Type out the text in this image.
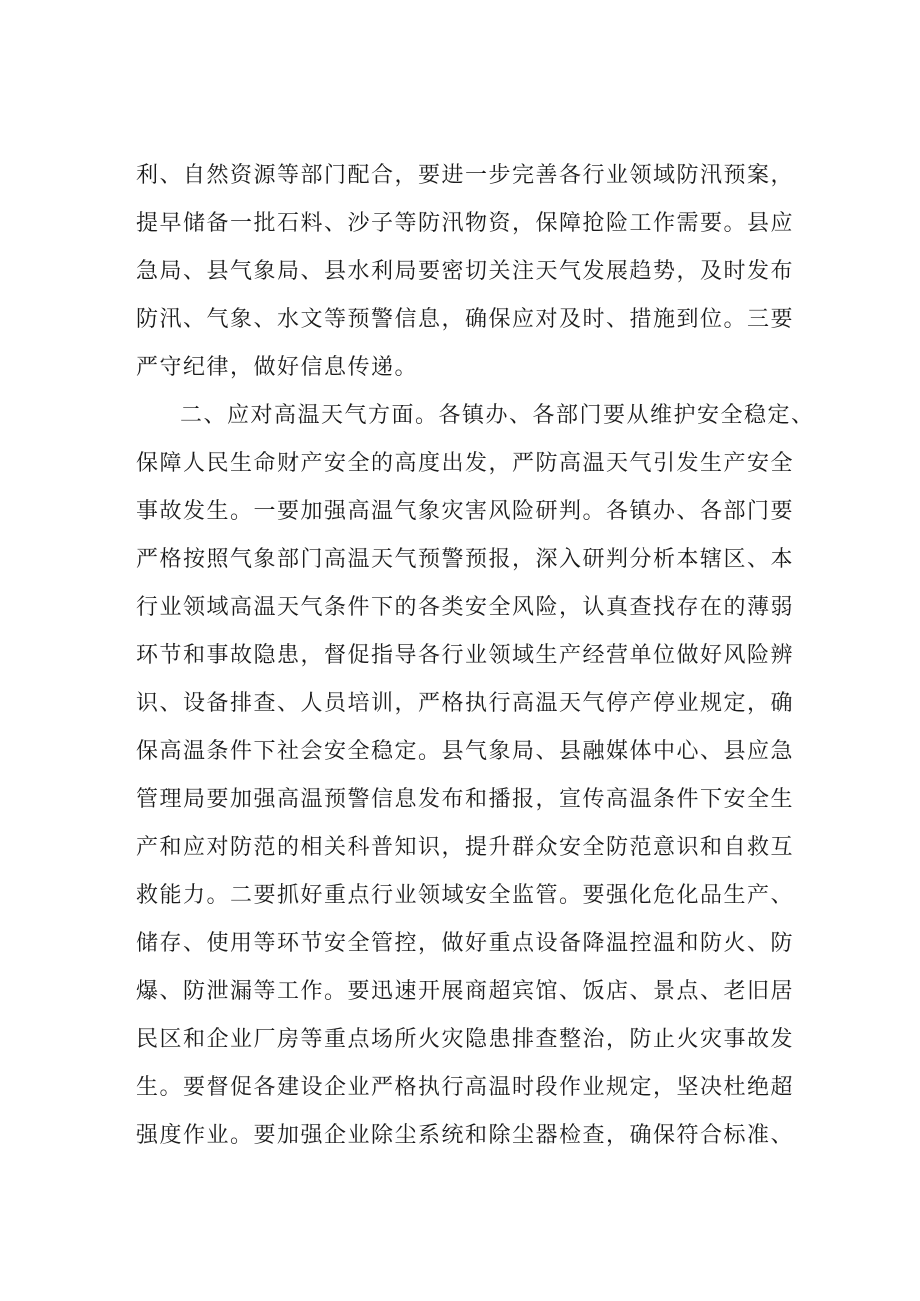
利、自然资源等部门配合，要进一步完善各行业领域防汛预案，
提早储备一批石料、沙子等防汛物资，保障抢险工作需要。县应
急局、县气象局、县水利局要密切关注天气发展趋势，及时发布
防汛、气象、水文等预警信息，确保应对及时、措施到位。三要
严守纪律，做好信息传递。
二、应对高温天气方面。各镇办、各部门要从维护安全稳定、
保障人民生命财产安全的高度出发，严防高温天气引发生产安全
事故发生。一要加强高温气象灾害风险研判。各镇办、各部门要
严格按照气象部门高温天气预警预报，深入研判分析本辖区、本
行业领域高温天气条件下的各类安全风险，认真查找存在的薄弱
环节和事故隐患，督促指导各行业领域生产经营单位做好风险辨
识、设备排查、人员培训，严格执行高温天气停产停业规定，确
保高温条件下社会安全稳定。县气象局、县融媒体中心、县应急
管理局要加强高温预警信息发布和播报，宣传高温条件下安全生
产和应对防范的相关科普知识，提升群众安全防范意识和自救互
救能力。二要抓好重点行业领域安全监管。要强化危化品生产、
储存、使用等环节安全管控，做好重点设备降温控温和防火、防
爆、防泄漏等工作。要迅速开展商超宾馆、饭店、景点、老旧居
民区和企业厂房等重点场所火灾隐患排查整治，防止火灾事故发
生。要督促各建设企业严格执行高温时段作业规定，坚决杜绝超
强度作业。要加强企业除尘系统和除尘器检查，确保符合标准、
